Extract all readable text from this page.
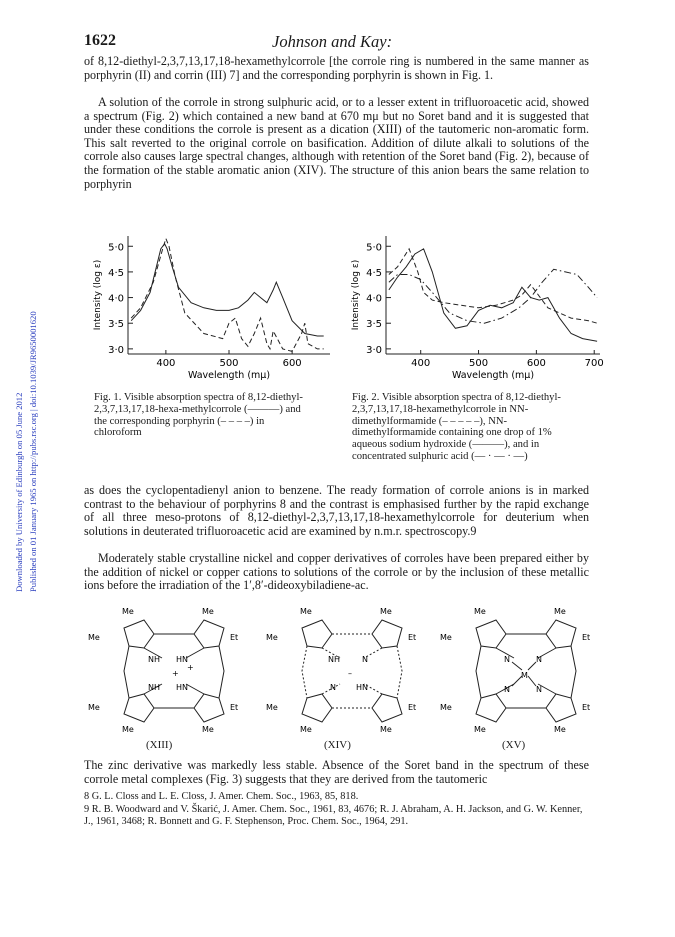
Downloaded by University of Edinburgh on 05 June 2012 Published on 01 January 1965 on http://pubs.rsc.org | doi:10.1039/JR9650001620
1622	Johnson and Kay:

of 8,12-diethyl-2,3,7,13,17,18-hexamethylcorrole [the corrole ring is numbered in the same manner as porphyrin (II) and corrin (III) 7] and the corresponding porphyrin is shown in Fig. 1.

A solution of the corrole in strong sulphuric acid, or to a lesser extent in trifluoroacetic acid, showed a spectrum (Fig. 2) which contained a new band at 670 mμ but no Soret band and it is suggested that under these conditions the corrole is present as a dication (XIII) of the tautomeric non-aromatic form. This salt reverted to the original corrole on basification. Addition of dilute alkali to solutions of the corrole also causes large spectral changes, although with retention of the Soret band (Fig. 2), because of the formation of the stable aromatic anion (XIV). The structure of this anion bears the same relation to porphyrin

5·0
4·5
4·0
3·5
3·0
400	500	600
Wavelength (mμ)
Intensity (log ε)

Fig. 1. Visible absorption spectra of 8,12-diethyl-2,3,7,13,17,18-hexa-methylcorrole (———) and the corresponding porphyrin (– – – –) in chloroform

5·0
4·5
4·0
3·5
3·0
400	500	600	700
Wavelength (mμ)
Intensity (log ε)

Fig. 2. Visible absorption spectra of 8,12-diethyl-2,3,7,13,17,18-hexamethylcorrole in NN-dimethylformamide (– – – – –), NN-dimethylformamide containing one drop of 1% aqueous sodium hydroxide (———), and in concentrated sulphuric acid (— · — · —)

as does the cyclopentadienyl anion to benzene. The ready formation of corrole anions is in marked contrast to the behaviour of porphyrins 8 and the contrast is emphasised further by the rapid exchange of all three meso-protons of 8,12-diethyl-2,3,7,13,17,18-hexamethylcorrole for deuterium when solutions in deuterated trifluoroacetic acid are examined by n.m.r. spectroscopy.9

Moderately stable crystalline nickel and copper derivatives of corroles have been prepared either by the addition of nickel or copper cations to solutions of the corrole or by the inclusion of these metallic ions before the irradiation of the 1′,8′-dideoxybiladiene-ac.

Me	Me
Me	Et
NH HN
+
+
NH HN
Me	Et
Me	Me
Me	Me
Me	Et
NH	N
–
N	HN
Me	Et
Me	Me
Me	Me
Me	Et
N	N
M
N	N
Me	Et
Me	Me
(XIII)	(XIV)	(XV)

The zinc derivative was markedly less stable. Absence of the Soret band in the spectrum of these corrole metal complexes (Fig. 3) suggests that they are derived from the tautomeric

8 G. L. Closs and L. E. Closs, J. Amer. Chem. Soc., 1963, 85, 818.

9 R. B. Woodward and V. Škarić, J. Amer. Chem. Soc., 1961, 83, 4676; R. J. Abraham, A. H. Jackson, and G. W. Kenner, J., 1961, 3468; R. Bonnett and G. F. Stephenson, Proc. Chem. Soc., 1964, 291.
